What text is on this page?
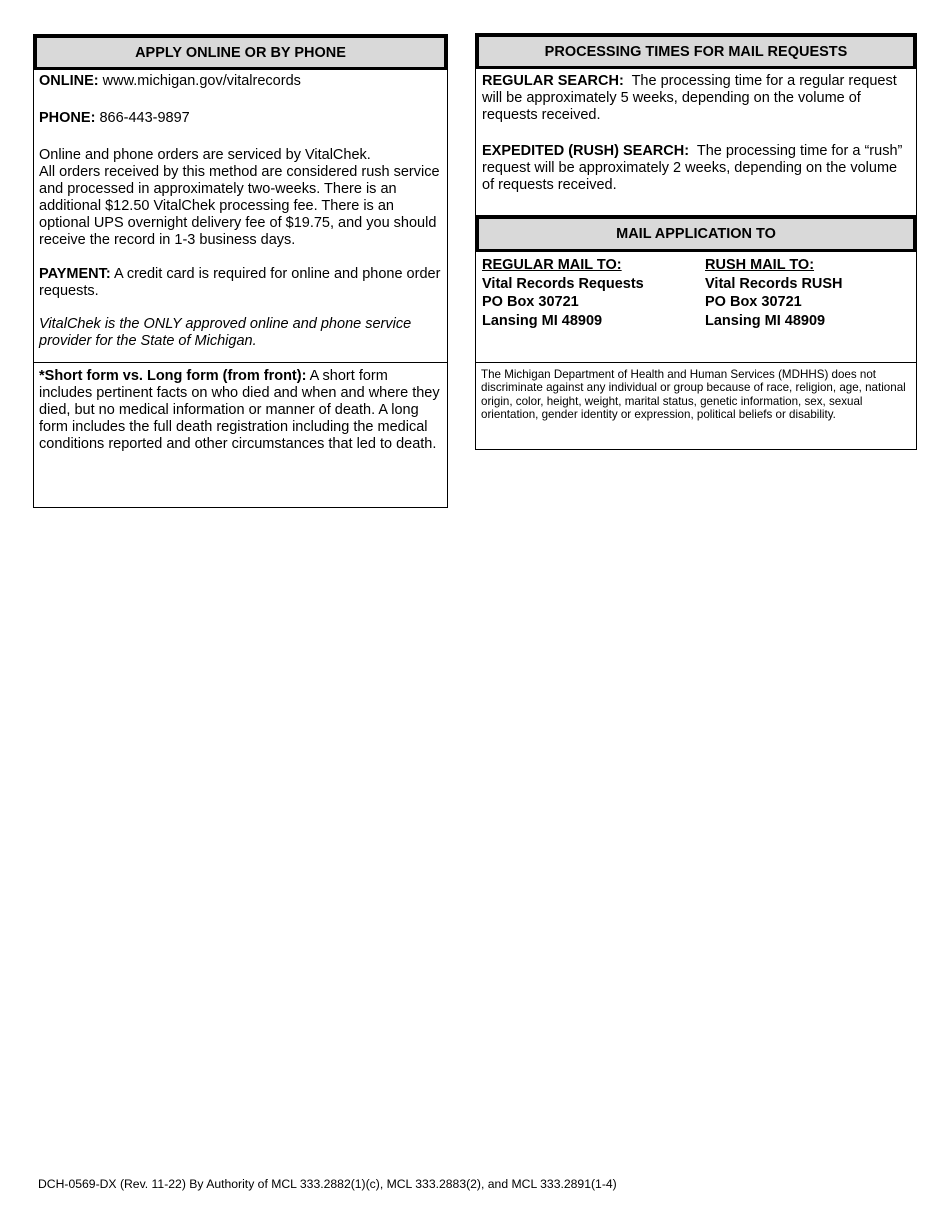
APPLY ONLINE OR BY PHONE

ONLINE: www.michigan.gov/vitalrecords

PHONE: 866-443-9897

Online and phone orders are serviced by VitalChek.

All orders received by this method are considered rush service and processed in approximately two-weeks. There is an additional $12.50 VitalChek processing fee. There is an optional UPS overnight delivery fee of $19.75, and you should receive the record in 1-3 business days.

PAYMENT: A credit card is required for online and phone order requests.

VitalChek is the ONLY approved online and phone service provider for the State of Michigan.

*Short form vs. Long form (from front): A short form includes pertinent facts on who died and when and where they died, but no medical information or manner of death. A long form includes the full death registration including the medical conditions reported and other circumstances that led to death.

PROCESSING TIMES FOR MAIL REQUESTS

REGULAR SEARCH: The processing time for a regular request will be approximately 5 weeks, depending on the volume of requests received.

EXPEDITED (RUSH) SEARCH: The processing time for a “rush” request will be approximately 2 weeks, depending on the volume of requests received.

MAIL APPLICATION TO
REGULAR MAIL TO:
Vital Records Requests
PO Box 30721
Lansing MI 48909
RUSH MAIL TO:
Vital Records RUSH
PO Box 30721
Lansing MI 48909
The Michigan Department of Health and Human Services (MDHHS) does not discriminate against any individual or group because of race, religion, age, national origin, color, height, weight, marital status, genetic information, sex, sexual orientation, gender identity or expression, political beliefs or disability.
DCH-0569-DX (Rev. 11-22) By Authority of MCL 333.2882(1)(c), MCL 333.2883(2), and MCL 333.2891(1-4)
